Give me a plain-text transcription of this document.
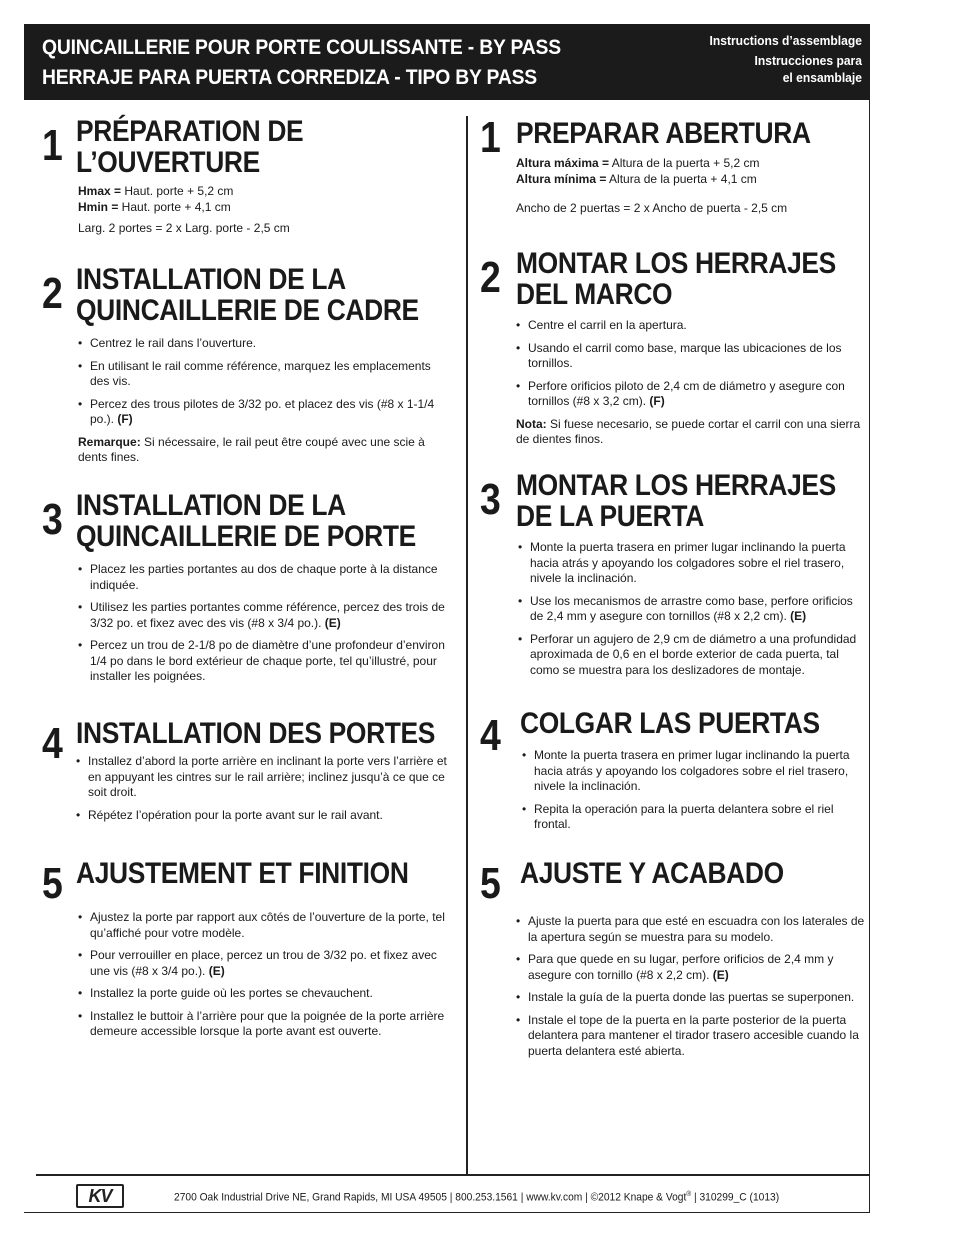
QUINCAILLERIE POUR PORTE COULISSANTE - BY PASS
HERRAJE PARA PUERTA CORREDIZA - TIPO BY PASS
Instructions d’assemblage
Instrucciones para
el ensamblaje
1 PRÉPARATION DE
L’OUVERTURE

Hmax = Haut. porte + 5,2 cm
Hmin = Haut. porte + 4,1 cm

Larg. 2 portes = 2 x Larg. porte - 2,5 cm

2 INSTALLATION DE LA
QUINCAILLERIE DE CADRE
• Centrez le rail dans l’ouverture.
• En utilisant le rail comme référence, marquez les emplacements des vis.
• Percez des trous pilotes de 3/32 po. et placez des vis (#8 x 1-1/4 po.). (F)

Remarque: Si nécessaire, le rail peut être coupé avec une scie à dents fines.

3 INSTALLATION DE LA
QUINCAILLERIE DE PORTE
• Placez les parties portantes au dos de chaque porte à la distance indiquée.
• Utilisez les parties portantes comme référence, percez des trois de 3/32 po. et fixez avec des vis (#8 x 3/4 po.). (E)
• Percez un trou de 2-1/8 po de diamètre d’une profondeur d’environ 1/4 po dans le bord extérieur de chaque porte, tel qu’illustré, pour installer les poignées.
4 INSTALLATION DES PORTES
• Installez d’abord la porte arrière en inclinant la porte vers l’arrière et en appuyant les cintres sur le rail arrière; inclinez jusqu’à ce que ce soit droit.
• Répétez l’opération pour la porte avant sur le rail avant.
5 AJUSTEMENT ET FINITION
• Ajustez la porte par rapport aux côtés de l’ouverture de la porte, tel qu’affiché pour votre modèle.
• Pour verrouiller en place, percez un trou de 3/32 po. et fixez avec une vis (#8 x 3/4 po.). (E)
• Installez la porte guide où les portes se chevauchent.
• Installez le buttoir à l’arrière pour que la poignée de la porte arrière demeure accessible lorsque la porte avant est ouverte.
1 PREPARAR ABERTURA

Altura máxima = Altura de la puerta + 5,2 cm
Altura mínima = Altura de la puerta + 4,1 cm

Ancho de 2 puertas = 2 x Ancho de puerta - 2,5 cm

2 MONTAR LOS HERRAJES
DEL MARCO
• Centre el carril en la apertura.
• Usando el carril como base, marque las ubicaciones de los tornillos.
• Perfore orificios piloto de 2,4 cm de diámetro y asegure con tornillos (#8 x 3,2 cm). (F)

Nota: Si fuese necesario, se puede cortar el carril con una sierra de dientes finos.

3 MONTAR LOS HERRAJES
DE LA PUERTA
• Monte la puerta trasera en primer lugar inclinando la puerta hacia atrás y apoyando los colgadores sobre el riel trasero, nivele la inclinación.
• Use los mecanismos de arrastre como base, perfore orificios de 2,4 mm y asegure con tornillos (#8 x 2,2 cm). (E)
• Perforar un agujero de 2,9 cm de diámetro a una profundidad aproximada de 0,6 en el borde exterior de cada puerta, tal como se muestra para los deslizadores de montaje.
4 COLGAR LAS PUERTAS
• Monte la puerta trasera en primer lugar inclinando la puerta hacia atrás y apoyando los colgadores sobre el riel trasero, nivele la inclinación.
• Repita la operación para la puerta delantera sobre el riel frontal.
5 AJUSTE Y ACABADO
• Ajuste la puerta para que esté en escuadra con los laterales de la apertura según se muestra para su modelo.
• Para que quede en su lugar, perfore orificios de 2,4 mm y asegure con tornillo (#8 x 2,2 cm). (E)
• Instale la guía de la puerta donde las puertas se superponen.
• Instale el tope de la puerta en la parte posterior de la puerta delantera para mantener el tirador trasero accesible cuando la puerta delantera esté abierta.
KV	2700 Oak Industrial Drive NE, Grand Rapids, MI USA 49505 | 800.253.1561 | www.kv.com | ©2012 Knape & Vogt® | 310299_C (1013)
